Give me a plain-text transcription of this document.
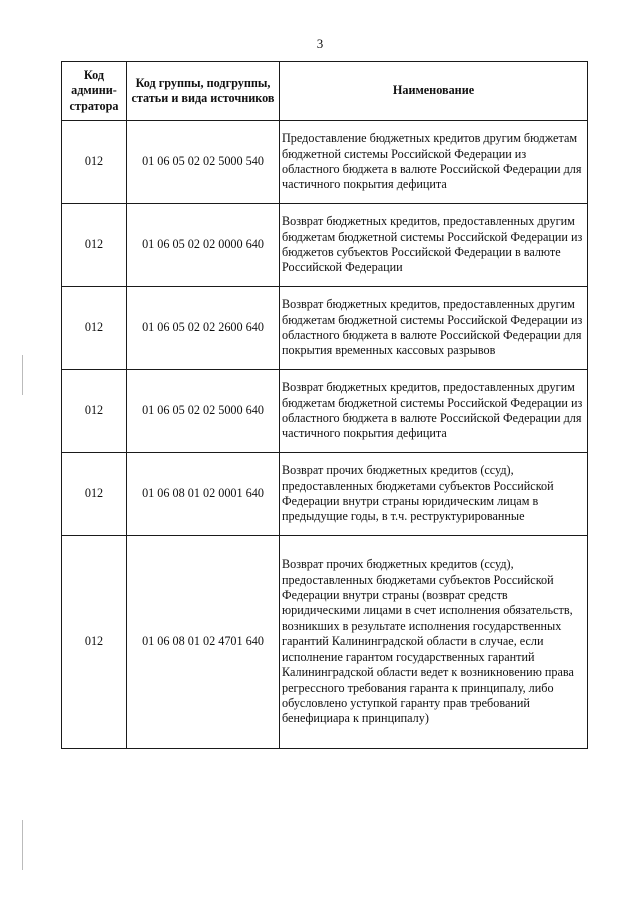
3
Код админи-стратора	Код группы, подгруппы, статьи и вида источников	Наименование
012	01 06 05 02 02 5000 540	Предоставление бюджетных кредитов другим бюджетам бюджетной системы Российской Федерации из областного бюджета в валюте Российской Федерации для частичного покрытия дефицита
012	01 06 05 02 02 0000 640	Возврат бюджетных кредитов, предоставленных другим бюджетам бюджетной системы Российской Федерации из бюджетов субъектов Российской Федерации в валюте Российской Федерации
012	01 06 05 02 02 2600 640	Возврат бюджетных кредитов, предоставленных другим бюджетам бюджетной системы Российской Федерации из областного бюджета в валюте Российской Федерации для покрытия временных кассовых разрывов
012	01 06 05 02 02 5000 640	Возврат бюджетных кредитов, предоставленных другим бюджетам бюджетной системы Российской Федерации из областного бюджета в валюте Российской Федерации для частичного покрытия дефицита
012	01 06 08 01 02 0001 640	Возврат прочих бюджетных кредитов (ссуд), предоставленных бюджетами субъектов Российской Федерации внутри страны юридическим лицам в предыдущие годы, в т.ч. реструктурированные
012	01 06 08 01 02 4701 640	Возврат прочих бюджетных кредитов (ссуд), предоставленных бюджетами субъектов Российской Федерации внутри страны (возврат средств юридическими лицами в счет исполнения обязательств, возникших в результате исполнения государственных гарантий Калининградской области в случае, если исполнение гарантом государственных гарантий Калининградской области ведет к возникновению права регрессного требования гаранта к принципалу, либо обусловлено уступкой гаранту прав требований бенефициара к принципалу)
